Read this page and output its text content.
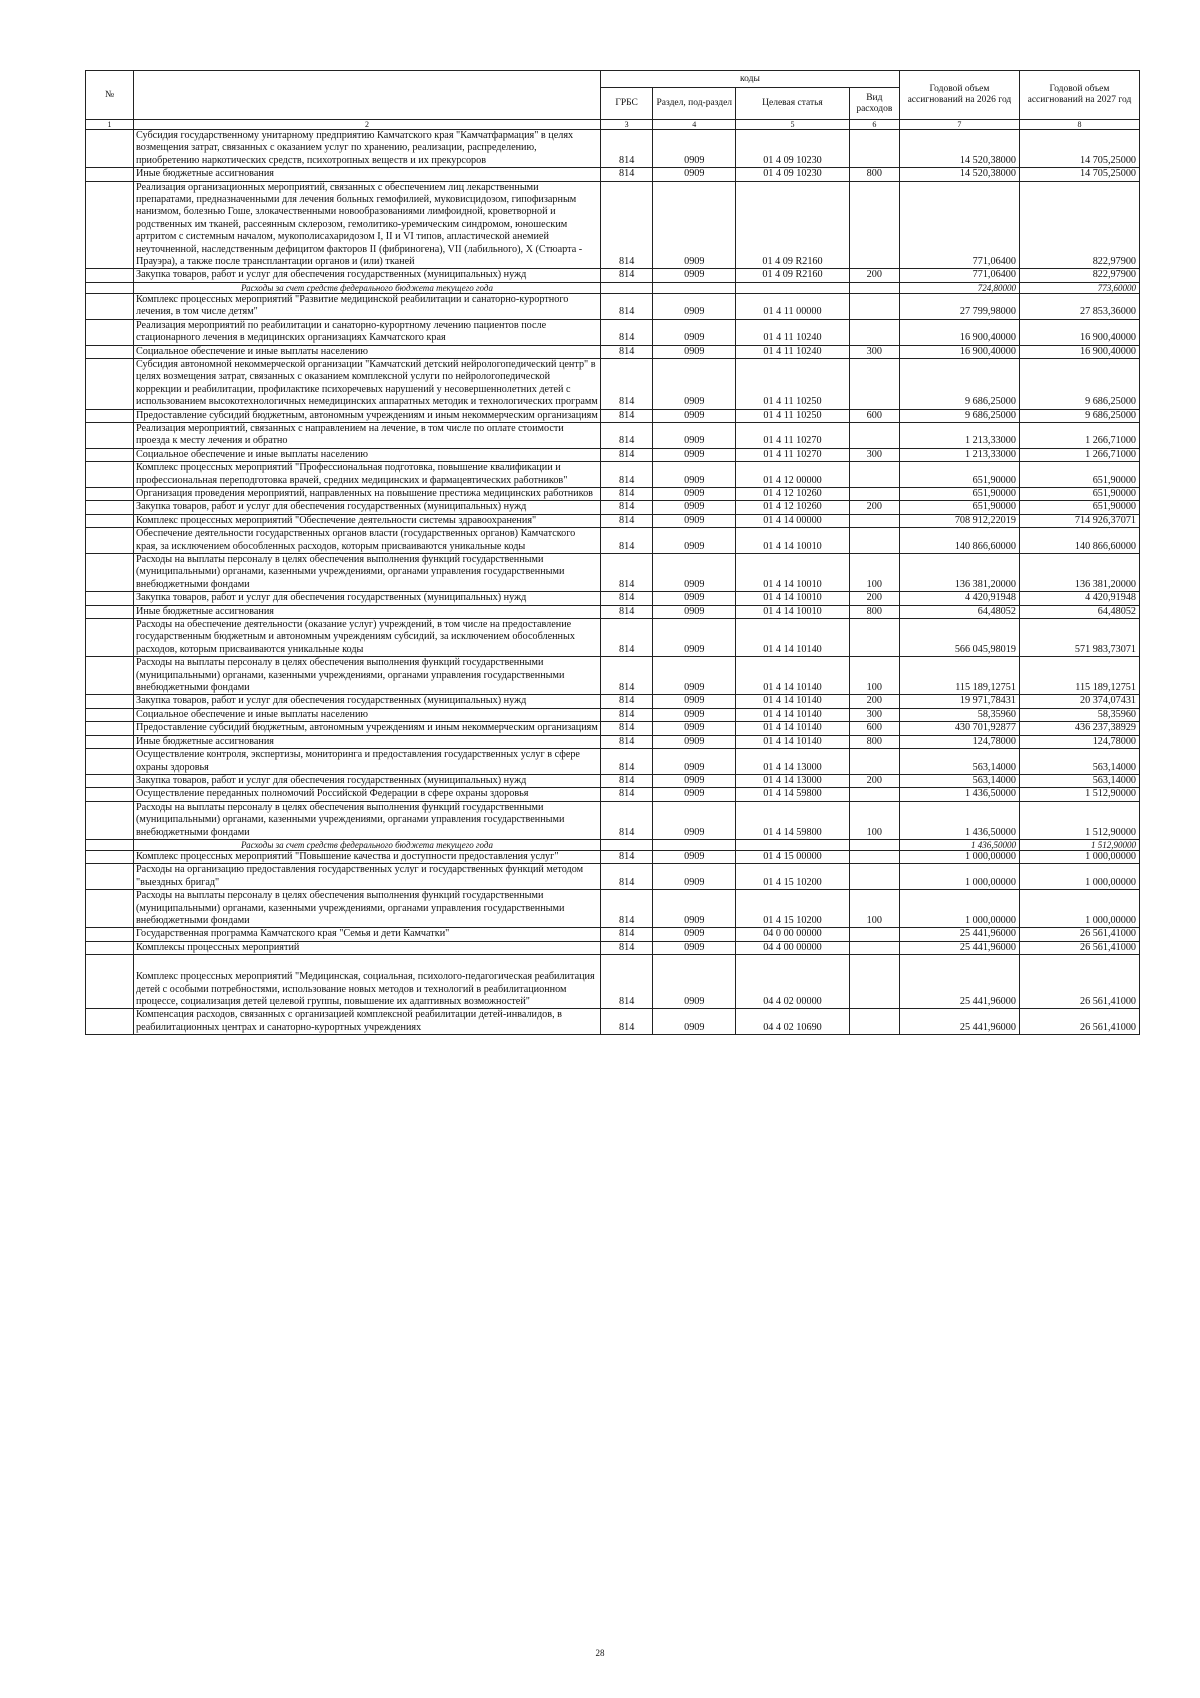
№		коды				Годовой объем ассигнований на 2026 год	Годовой объем ассигнований на 2027 год
		ГРБС	Раздел, под-раздел	Целевая статья	Вид расходов		
1	2	3	4	5	6	7	8
	Субсидия государственному унитарному предприятию Камчатского края "Камчатфармация" в целях возмещения затрат, связанных с оказанием услуг по хранению, реализации, распределению, приобретению наркотических средств, психотропных веществ и их прекурсоров	814	0909	01 4 09 10230		14 520,38000	14 705,25000
	Иные бюджетные ассигнования	814	0909	01 4 09 10230	800	14 520,38000	14 705,25000
	Реализация организационных мероприятий, связанных с обеспечением лиц лекарственными препаратами, предназначенными для лечения больных гемофилией, муковисцидозом, гипофизарным нанизмом, болезнью Гоше, злокачественными новообразованиями лимфоидной, кроветворной и родственных им тканей, рассеянным склерозом, гемолитико-уремическим синдромом, юношеским артритом с системным началом, мукополисахаридозом I, II и VI типов, апластической анемией неуточненной, наследственным дефицитом факторов II (фибриногена), VII (лабильного), X (Стюарта - Прауэра), а также после трансплантации органов и (или) тканей	814	0909	01 4 09 R2160		771,06400	822,97900
	Закупка товаров, работ и услуг для обеспечения государственных (муниципальных) нужд	814	0909	01 4 09 R2160	200	771,06400	822,97900
	Расходы за счет средств федерального бюджета текущего года					724,80000	773,60000
	Комплекс процессных мероприятий "Развитие медицинской реабилитации и санаторно-курортного лечения, в том числе детям"	814	0909	01 4 11 00000		27 799,98000	27 853,36000
	Реализация мероприятий по реабилитации и санаторно-курортному лечению пациентов после стационарного лечения в медицинских организациях Камчатского края	814	0909	01 4 11 10240		16 900,40000	16 900,40000
	Социальное обеспечение и иные выплаты населению	814	0909	01 4 11 10240	300	16 900,40000	16 900,40000
	Субсидия автономной некоммерческой организации "Камчатский детский нейрологопедический центр" в целях возмещения затрат, связанных с оказанием комплексной услуги по нейрологопедической коррекции и реабилитации, профилактике психоречевых нарушений у несовершеннолетних детей с использованием высокотехнологичных немедицинских аппаратных методик и технологических программ	814	0909	01 4 11 10250		9 686,25000	9 686,25000
	Предоставление субсидий бюджетным, автономным учреждениям и иным некоммерческим организациям	814	0909	01 4 11 10250	600	9 686,25000	9 686,25000
	Реализация мероприятий, связанных с направлением на лечение, в том числе по оплате стоимости проезда к месту лечения и обратно	814	0909	01 4 11 10270		1 213,33000	1 266,71000
	Социальное обеспечение и иные выплаты населению	814	0909	01 4 11 10270	300	1 213,33000	1 266,71000
	Комплекс процессных мероприятий "Профессиональная подготовка, повышение квалификации и профессиональная переподготовка врачей, средних медицинских и фармацевтических работников"	814	0909	01 4 12 00000		651,90000	651,90000
	Организация проведения мероприятий, направленных на повышение престижа медицинских работников	814	0909	01 4 12 10260		651,90000	651,90000
	Закупка товаров, работ и услуг для обеспечения государственных (муниципальных) нужд	814	0909	01 4 12 10260	200	651,90000	651,90000
	Комплекс процессных мероприятий "Обеспечение деятельности системы здравоохранения"	814	0909	01 4 14 00000		708 912,22019	714 926,37071
	Обеспечение деятельности государственных органов власти (государственных органов) Камчатского края, за исключением обособленных расходов, которым присваиваются уникальные коды	814	0909	01 4 14 10010		140 866,60000	140 866,60000
	Расходы на выплаты персоналу в целях обеспечения выполнения функций государственными (муниципальными) органами, казенными учреждениями, органами управления государственными внебюджетными фондами	814	0909	01 4 14 10010	100	136 381,20000	136 381,20000
	Закупка товаров, работ и услуг для обеспечения государственных (муниципальных) нужд	814	0909	01 4 14 10010	200	4 420,91948	4 420,91948
	Иные бюджетные ассигнования	814	0909	01 4 14 10010	800	64,48052	64,48052
	Расходы на обеспечение деятельности (оказание услуг) учреждений, в том числе на предоставление государственным бюджетным и автономным учреждениям субсидий, за исключением обособленных расходов, которым присваиваются уникальные коды	814	0909	01 4 14 10140		566 045,98019	571 983,73071
	Расходы на выплаты персоналу в целях обеспечения выполнения функций государственными (муниципальными) органами, казенными учреждениями, органами управления государственными внебюджетными фондами	814	0909	01 4 14 10140	100	115 189,12751	115 189,12751
	Закупка товаров, работ и услуг для обеспечения государственных (муниципальных) нужд	814	0909	01 4 14 10140	200	19 971,78431	20 374,07431
	Социальное обеспечение и иные выплаты населению	814	0909	01 4 14 10140	300	58,35960	58,35960
	Предоставление субсидий бюджетным, автономным учреждениям и иным некоммерческим организациям	814	0909	01 4 14 10140	600	430 701,92877	436 237,38929
	Иные бюджетные ассигнования	814	0909	01 4 14 10140	800	124,78000	124,78000
	Осуществление контроля, экспертизы, мониторинга и предоставления государственных услуг в сфере охраны здоровья	814	0909	01 4 14 13000		563,14000	563,14000
	Закупка товаров, работ и услуг для обеспечения государственных (муниципальных) нужд	814	0909	01 4 14 13000	200	563,14000	563,14000
	Осуществление переданных полномочий Российской Федерации в сфере охраны здоровья	814	0909	01 4 14 59800		1 436,50000	1 512,90000
	Расходы на выплаты персоналу в целях обеспечения выполнения функций государственными (муниципальными) органами, казенными учреждениями, органами управления государственными внебюджетными фондами	814	0909	01 4 14 59800	100	1 436,50000	1 512,90000
	Расходы за счет средств федерального бюджета текущего года					1 436,50000	1 512,90000
	Комплекс процессных мероприятий "Повышение качества и доступности предоставления услуг"	814	0909	01 4 15 00000		1 000,00000	1 000,00000
	Расходы на организацию предоставления государственных услуг и государственных функций методом "выездных бригад"	814	0909	01 4 15 10200		1 000,00000	1 000,00000
	Расходы на выплаты персоналу в целях обеспечения выполнения функций государственными (муниципальными) органами, казенными учреждениями, органами управления государственными внебюджетными фондами	814	0909	01 4 15 10200	100	1 000,00000	1 000,00000
	Государственная программа Камчатского края "Семья и дети Камчатки"	814	0909	04 0 00 00000		25 441,96000	26 561,41000
	Комплексы процессных мероприятий	814	0909	04 4 00 00000		25 441,96000	26 561,41000
	Комплекс процессных мероприятий "Медицинская, социальная, психолого-педагогическая реабилитация детей с особыми потребностями, использование новых методов и технологий в реабилитационном процессе, социализация детей целевой группы, повышение их адаптивных возможностей"	814	0909	04 4 02 00000		25 441,96000	26 561,41000
	Компенсация расходов, связанных с организацией комплексной реабилитации детей-инвалидов, в реабилитационных центрах и санаторно-курортных учреждениях	814	0909	04 4 02 10690		25 441,96000	26 561,41000
28
